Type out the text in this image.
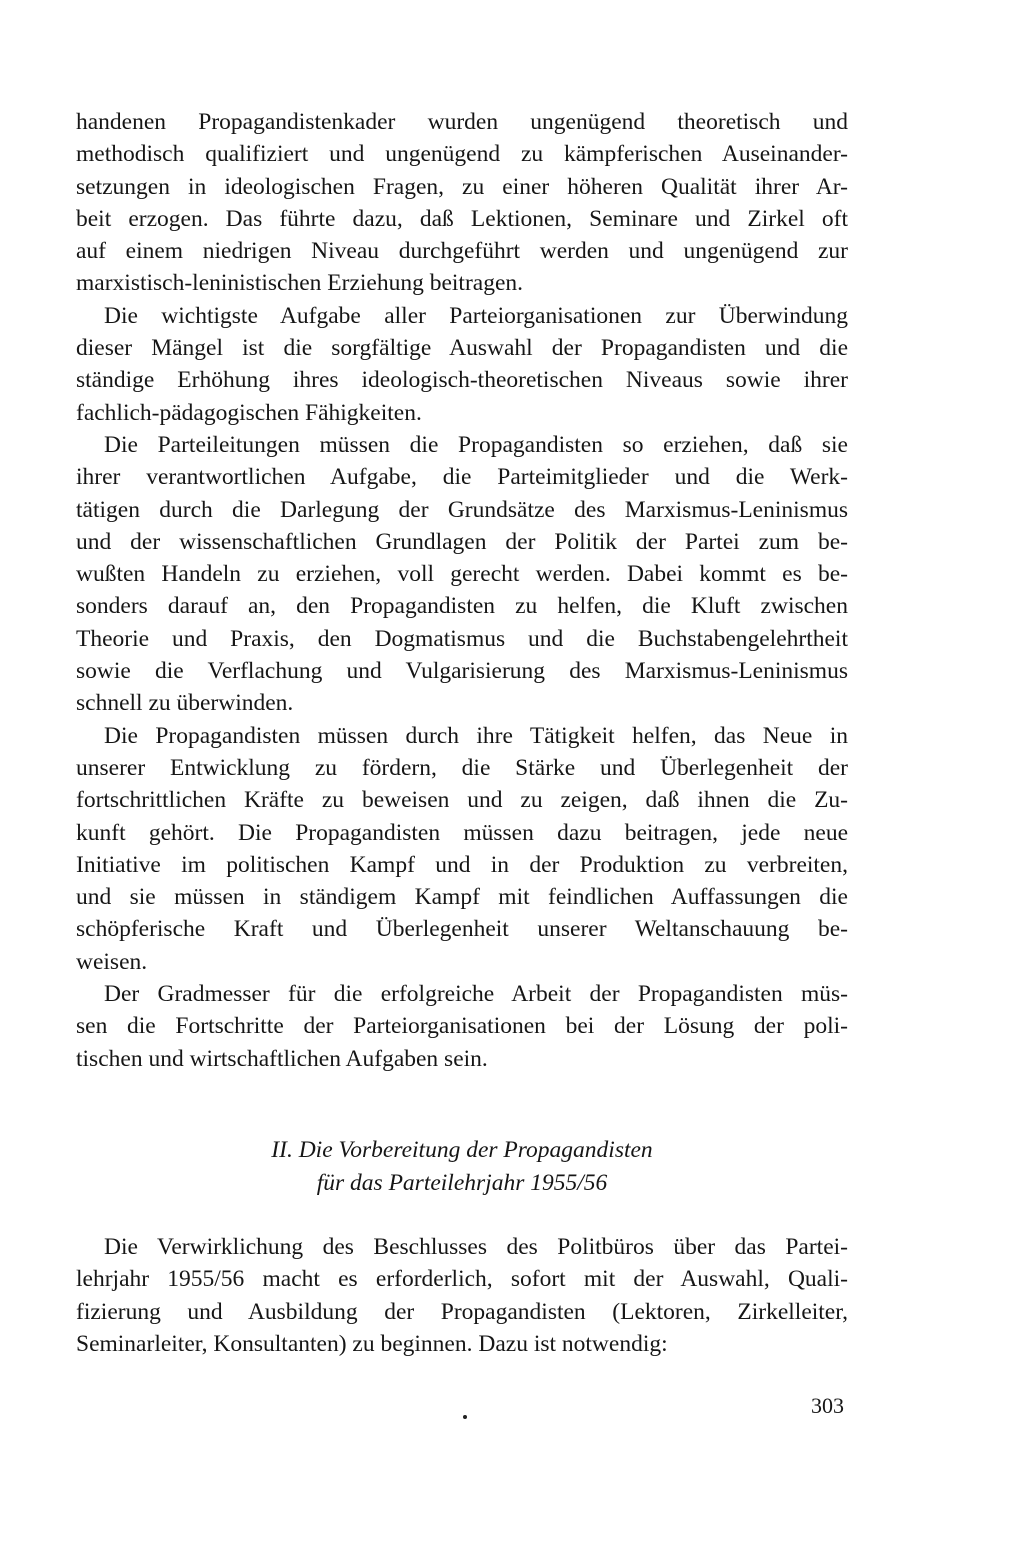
handenen Propagandistenkader wurden ungenügend theoretisch und
methodisch qualifiziert und ungenügend zu kämpferischen Auseinander-
setzungen in ideologischen Fragen, zu einer höheren Qualität ihrer Ar-
beit erzogen. Das führte dazu, daß Lektionen, Seminare und Zirkel oft
auf einem niedrigen Niveau durchgeführt werden und ungenügend zur
marxistisch-leninistischen Erziehung beitragen.

Die wichtigste Aufgabe aller Parteiorganisationen zur Überwindung
dieser Mängel ist die sorgfältige Auswahl der Propagandisten und die
ständige Erhöhung ihres ideologisch-theoretischen Niveaus sowie ihrer
fachlich-pädagogischen Fähigkeiten.

Die Parteileitungen müssen die Propagandisten so erziehen, daß sie
ihrer verantwortlichen Aufgabe, die Parteimitglieder und die Werk-
tätigen durch die Darlegung der Grundsätze des Marxismus-Leninismus
und der wissenschaftlichen Grundlagen der Politik der Partei zum be-
wußten Handeln zu erziehen, voll gerecht werden. Dabei kommt es be-
sonders darauf an, den Propagandisten zu helfen, die Kluft zwischen
Theorie und Praxis, den Dogmatismus und die Buchstabengelehrtheit
sowie die Verflachung und Vulgarisierung des Marxismus-Leninismus
schnell zu überwinden.

Die Propagandisten müssen durch ihre Tätigkeit helfen, das Neue in
unserer Entwicklung zu fördern, die Stärke und Überlegenheit der
fortschrittlichen Kräfte zu beweisen und zu zeigen, daß ihnen die Zu-
kunft gehört. Die Propagandisten müssen dazu beitragen, jede neue
Initiative im politischen Kampf und in der Produktion zu verbreiten,
und sie müssen in ständigem Kampf mit feindlichen Auffassungen die
schöpferische Kraft und Überlegenheit unserer Weltanschauung be-
weisen.

Der Gradmesser für die erfolgreiche Arbeit der Propagandisten müs-
sen die Fortschritte der Parteiorganisationen bei der Lösung der poli-
tischen und wirtschaftlichen Aufgaben sein.

II. Die Vorbereitung der Propagandisten
für das Parteilehrjahr 1955/56

Die Verwirklichung des Beschlusses des Politbüros über das Partei-
lehrjahr 1955/56 macht es erforderlich, sofort mit der Auswahl, Quali-
fizierung und Ausbildung der Propagandisten (Lektoren, Zirkelleiter,
Seminarleiter, Konsultanten) zu beginnen. Dazu ist notwendig:

303
